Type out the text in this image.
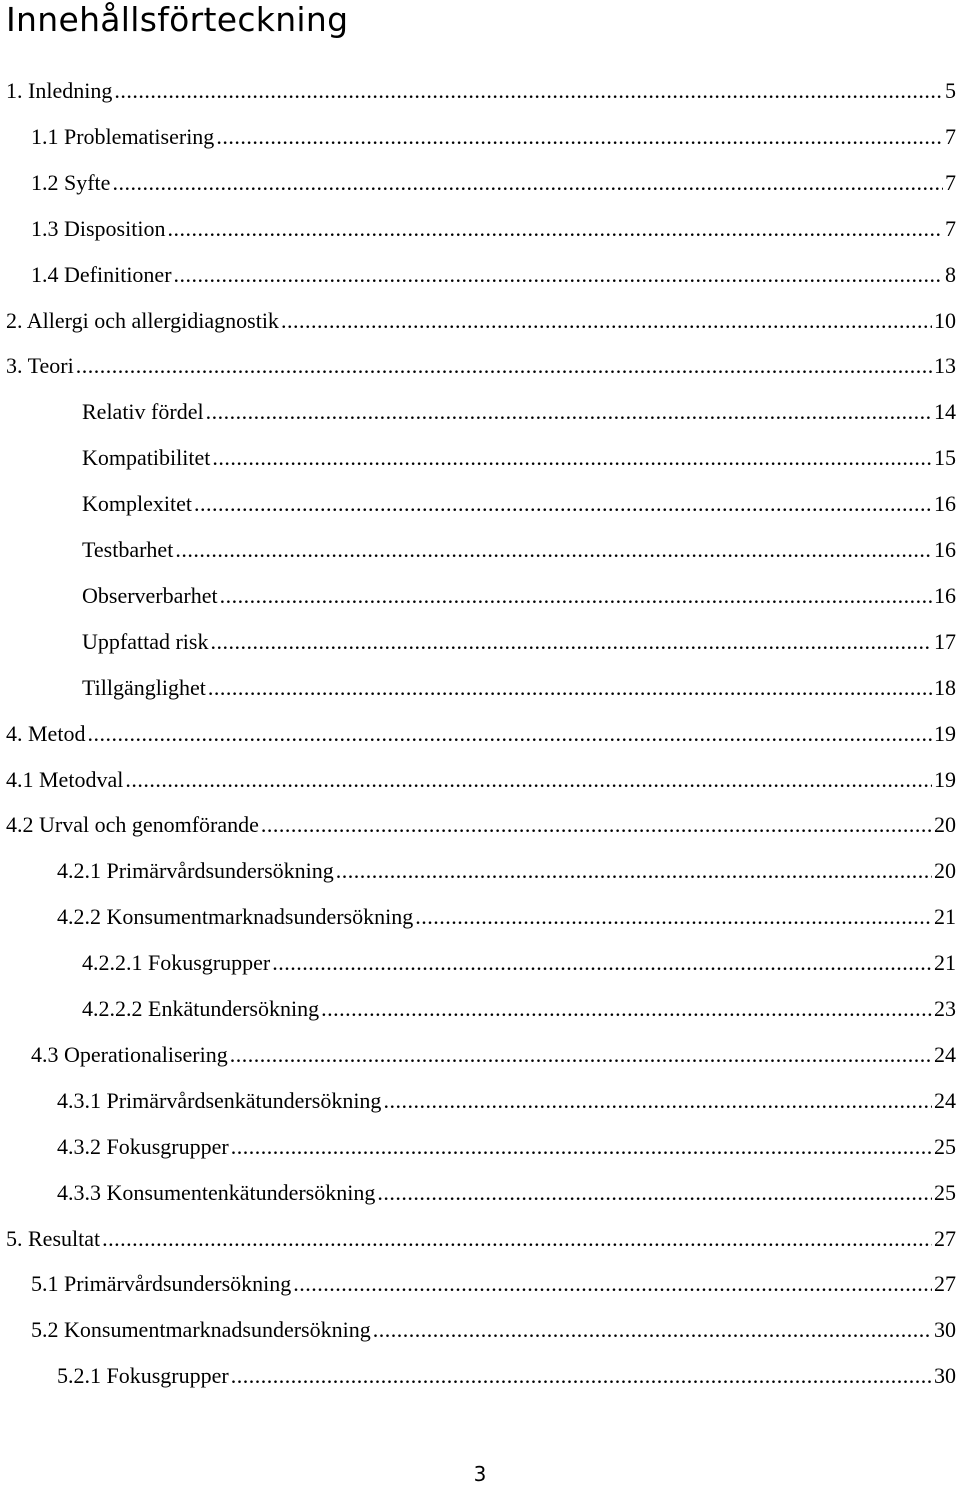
Innehållsförteckning
1. Inledning .....	5
1.1 Problematisering .....	7
1.2 Syfte .....	7
1.3 Disposition .....	7
1.4 Definitioner .....	8
2. Allergi och allergidiagnostik .....	10
3. Teori .....	13
Relativ fördel .....	14
Kompatibilitet .....	15
Komplexitet .....	16
Testbarhet .....	16
Observerbarhet .....	16
Uppfattad risk .....	17
Tillgänglighet .....	18
4. Metod .....	19
4.1 Metodval .....	19
4.2 Urval och genomförande .....	20
4.2.1 Primärvårdsundersökning .....	20
4.2.2 Konsumentmarknadsundersökning .....	21
4.2.2.1 Fokusgrupper .....	21
4.2.2.2 Enkätundersökning .....	23
4.3 Operationalisering .....	24
4.3.1 Primärvårdsenkätundersökning .....	24
4.3.2 Fokusgrupper .....	25
4.3.3 Konsumentenkätundersökning .....	25
5. Resultat .....	27
5.1 Primärvårdsundersökning .....	27
5.2 Konsumentmarknadsundersökning .....	30
5.2.1 Fokusgrupper .....	30
3
